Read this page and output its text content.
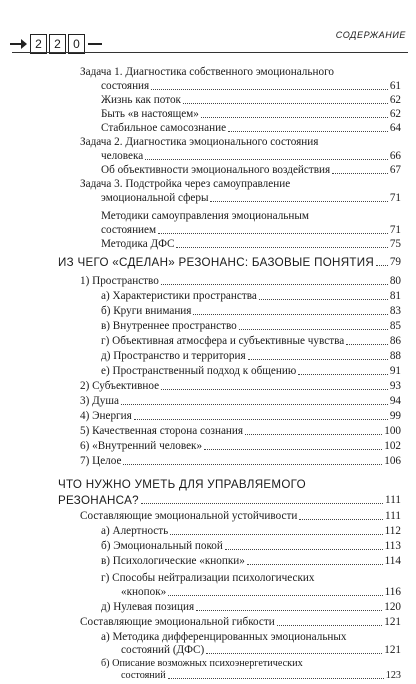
2	2	0
СОДЕРЖАНИЕ
Задача 1. Диагностика собственного эмоционального
состояния	61
Жизнь как поток	62
Быть «в настоящем»	62
Стабильное самосознание	64
Задача 2. Диагностика эмоционального состояния
человека	66
Об объективности эмоционального воздействия	67
Задача 3. Подстройка через самоуправление
эмоциональной сферы	71
Методики самоуправления эмоциональным
состоянием	71
Методика ДФС	75
ИЗ ЧЕГО «СДЕЛАН» РЕЗОНАНС: БАЗОВЫЕ ПОНЯТИЯ 79
1) Пространство	80
а) Характеристики пространства	81
б) Круги внимания	83
в) Внутреннее пространство	85
г) Объективная атмосфера и субъективные чувства	86
д) Пространство и территория	88
е) Пространственный подход к общению	91
2) Субъективное	93
3) Душа	94
4) Энергия	99
5) Качественная сторона сознания	100
6) «Внутренний человек»	102
7) Целое	106
ЧТО НУЖНО УМЕТЬ ДЛЯ УПРАВЛЯЕМОГО
РЕЗОНАНСА?	111
Составляющие эмоциональной устойчивости	111
а) Алертность	112
б) Эмоциональный покой	113
в) Психологические «кнопки»	114
г) Способы нейтрализации психологических
«кнопок»	116
д) Нулевая позиция	120
Составляющие эмоциональной гибкости	121
а) Методика дифференцированных эмоциональных
состояний (ДФС)	121
б) Описание возможных психоэнергетических
состояний	123
